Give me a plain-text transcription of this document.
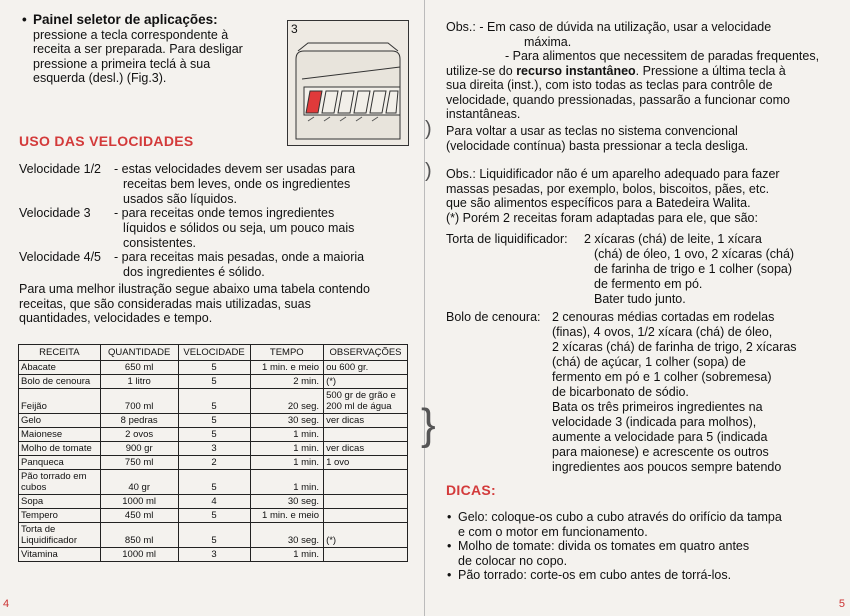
• Painel seletor de aplicações:
pressione a tecla correspondente à
receita a ser preparada. Para desligar
pressione a primeira teclá à sua
esquerda (desl.) (Fig.3).
3
USO DAS VELOCIDADES
Velocidade 1/2 - estas velocidades devem ser usadas para
receitas bem leves, onde os ingredientes
usados são líquidos.
Velocidade 3 - para receitas onde temos ingredientes
líquidos e sólidos ou seja, um pouco mais
consistentes.
Velocidade 4/5 - para receitas mais pesadas, onde a maioria
dos ingredientes é sólido.
Para uma melhor ilustração segue abaixo uma tabela contendo
receitas, que são consideradas mais utilizadas, suas
quantidades, velocidades e tempo.
RECEITA	QUANTIDADE	VELOCIDADE	TEMPO	OBSERVAÇÕES
Abacate	650 ml	5	1 min. e meio	ou 600 gr.
Bolo de cenoura	1 litro	5	2 min.	(*)
Feijão	700 ml	5	20 seg.	500 gr de grão e 200 ml de água
Gelo	8 pedras	5	30 seg.	ver dicas
Maionese	2 ovos	5	1 min.	
Molho de tomate	900 gr	3	1 min.	ver dicas
Panqueca	750 ml	2	1 min.	1 ovo
Pão torrado em cubos	40 gr	5	1 min.	
Sopa	1000 ml	4	30 seg.	
Tempero	450 ml	5	1 min. e meio	
Torta de Liquidificador	850 ml	5	30 seg.	(*)
Vitamina	1000 ml	3	1 min.	
4
Obs.: - Em caso de dúvida na utilização, usar a velocidade
máxima.
- Para alimentos que necessitem de paradas frequentes,
utilize-se do recurso instantâneo. Pressione a última tecla à
sua direita (inst.), com isto todas as teclas para contrôle de
velocidade, quando pressionadas, passarão a funcionar como
instantâneas.
) Para voltar a usar as teclas no sistema convencional
(velocidade contínua) basta pressionar a tecla desliga.
) Obs.: Liquidificador não é um aparelho adequado para fazer
massas pesadas, por exemplo, bolos, biscoitos, pães, etc.
que são alimentos específicos para a Batedeira Walita.
(*) Porém 2 receitas foram adaptadas para ele, que são:
Torta de liquidificador: 2 xícaras (chá) de leite, 1 xícara
(chá) de óleo, 1 ovo, 2 xícaras (chá)
de farinha de trigo e 1 colher (sopa)
de fermento em pó.
Bater tudo junto.
}
Bolo de cenoura: 2 cenouras médias cortadas em rodelas
(finas), 4 ovos, 1/2 xícara (chá) de óleo,
2 xícaras (chá) de farinha de trigo, 2 xícaras
(chá) de açúcar, 1 colher (sopa) de
fermento em pó e 1 colher (sobremesa)
de bicarbonato de sódio.
Bata os três primeiros ingredientes na
velocidade 3 (indicada para molhos),
aumente a velocidade para 5 (indicada
para maionese) e acrescente os outros
ingredientes aos poucos sempre batendo
DICAS:
• Gelo: coloque-os cubo a cubo através do orifício da tampa
e com o motor em funcionamento.
• Molho de tomate: divida os tomates em quatro antes
de colocar no copo.
• Pão torrado: corte-os em cubo antes de torrá-los.
5
